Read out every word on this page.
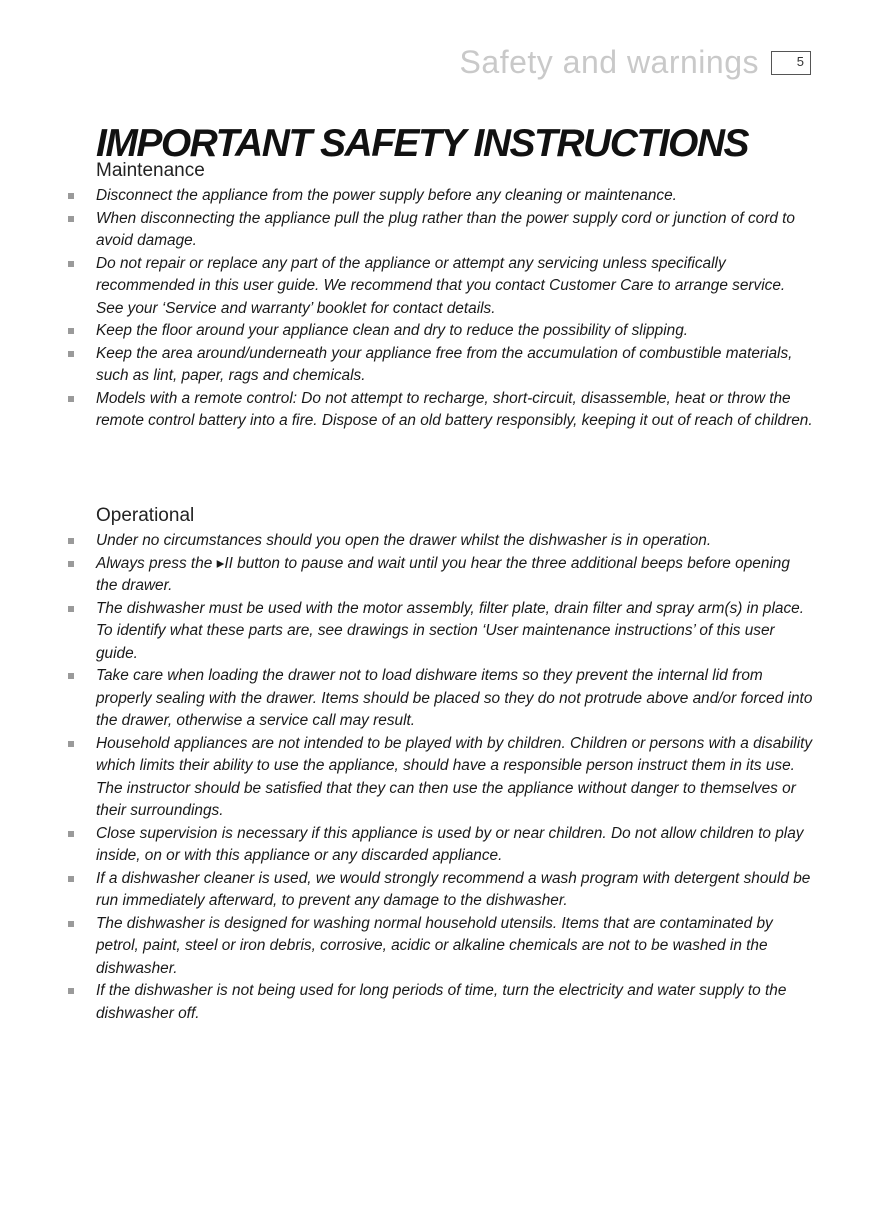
Safety and warnings	5
IMPORTANT SAFETY INSTRUCTIONS
Maintenance
Disconnect the appliance from the power supply before any cleaning or maintenance.
When disconnecting the appliance pull the plug rather than the power supply cord or junction of cord to avoid damage.
Do not repair or replace any part of the appliance or attempt any servicing unless specifically recommended in this user guide. We recommend that you contact Customer Care to arrange service. See your ‘Service and warranty’ booklet for contact details.
Keep the floor around your appliance clean and dry to reduce the possibility of slipping.
Keep the area around/underneath your appliance free from the accumulation of combustible materials, such as lint, paper, rags and chemicals.
Models with a remote control: Do not attempt to recharge, short-circuit, disassemble, heat or throw the remote control battery into a fire. Dispose of an old battery responsibly, keeping it out of reach of children.
Operational
Under no circumstances should you open the drawer whilst the dishwasher is in operation.
Always press the ▸II button to pause and wait until you hear the three additional beeps before opening the drawer.
The dishwasher must be used with the motor assembly, filter plate, drain filter and spray arm(s) in place. To identify what these parts are, see drawings in section ‘User maintenance instructions’ of this user guide.
Take care when loading the drawer not to load dishware items so they prevent the internal lid from properly sealing with the drawer. Items should be placed so they do not protrude above and/or forced into the drawer, otherwise a service call may result.
Household appliances are not intended to be played with by children. Children or persons with a disability which limits their ability to use the appliance, should have a responsible person instruct them in its use. The instructor should be satisfied that they can then use the appliance without danger to themselves or their surroundings.
Close supervision is necessary if this appliance is used by or near children. Do not allow children to play inside, on or with this appliance or any discarded appliance.
If a dishwasher cleaner is used, we would strongly recommend a wash program with detergent should be run immediately afterward, to prevent any damage to the dishwasher.
The dishwasher is designed for washing normal household utensils. Items that are contaminated by petrol, paint, steel or iron debris, corrosive, acidic or alkaline chemicals are not to be washed in the dishwasher.
If the dishwasher is not being used for long periods of time, turn the electricity and water supply to the dishwasher off.
